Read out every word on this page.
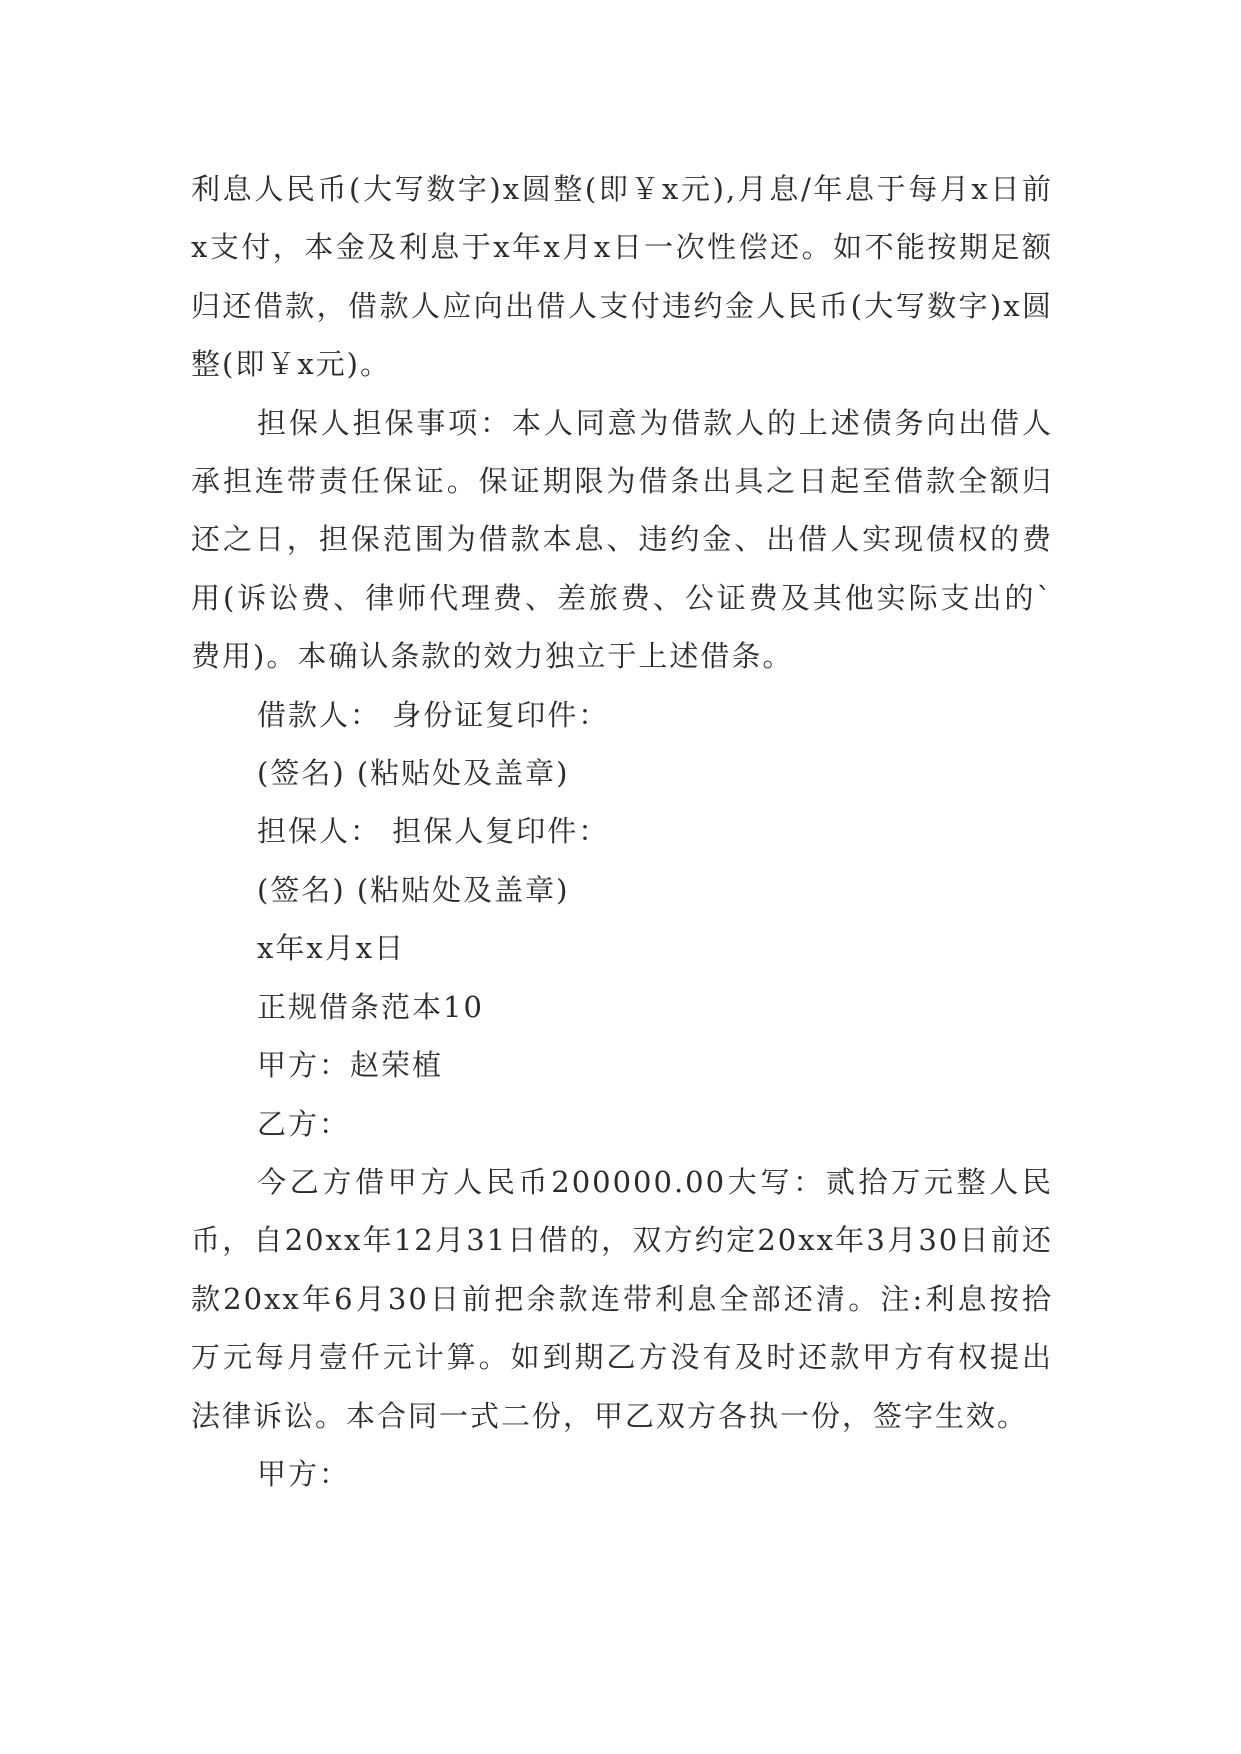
利息人民币(大写数字)x圆整(即￥x元),月息/年息于每月x日前x支付，本金及利息于x年x月x日一次性偿还。如不能按期足额归还借款，借款人应向出借人支付违约金人民币(大写数字)x圆整(即￥x元)。

担保人担保事项：本人同意为借款人的上述债务向出借人承担连带责任保证。保证期限为借条出具之日起至借款全额归还之日，担保范围为借款本息、违约金、出借人实现债权的费用(诉讼费、律师代理费、差旅费、公证费及其他实际支出的`费用)。本确认条款的效力独立于上述借条。

借款人： 身份证复印件：

(签名) (粘贴处及盖章)

担保人： 担保人复印件：

(签名) (粘贴处及盖章)

x年x月x日

正规借条范本10

甲方：赵荣植

乙方：

今乙方借甲方人民币200000.00大写：贰拾万元整人民币，自20xx年12月31日借的，双方约定20xx年3月30日前还款20xx年6月30日前把余款连带利息全部还清。注:利息按拾万元每月壹仟元计算。如到期乙方没有及时还款甲方有权提出法律诉讼。本合同一式二份，甲乙双方各执一份，签字生效。

甲方：
